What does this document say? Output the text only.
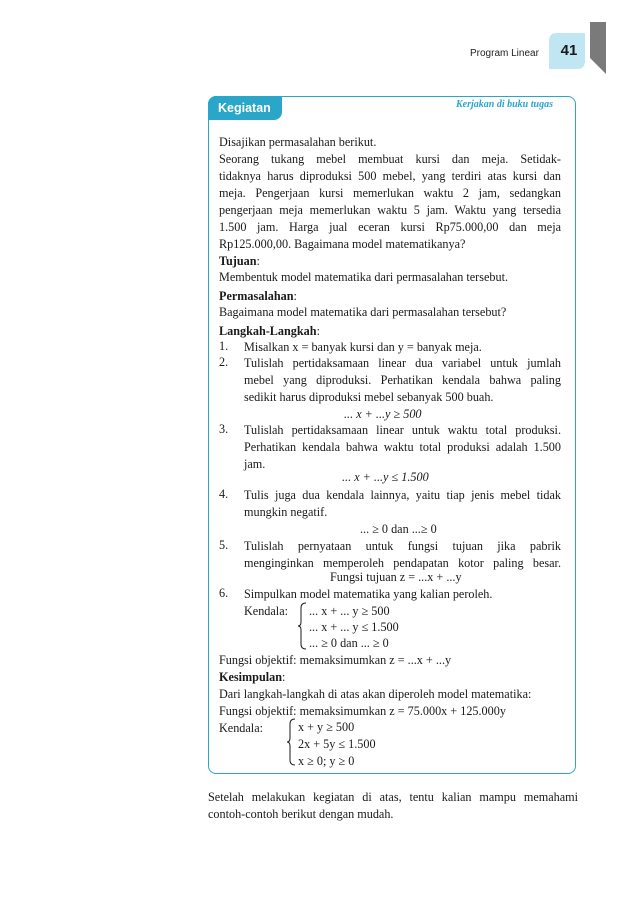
Program Linear	41
Kegiatan	Kerjakan di buku tugas
Disajikan permasalahan berikut.
Seorang tukang mebel membuat kursi dan meja. Setidak-
tidaknya harus diproduksi 500 mebel, yang terdiri atas kursi dan
meja. Pengerjaan kursi memerlukan waktu 2 jam, sedangkan
pengerjaan meja memerlukan waktu 5 jam. Waktu yang tersedia
1.500 jam. Harga jual eceran kursi Rp75.000,00 dan meja
Rp125.000,00. Bagaimana model matematikanya?
Tujuan:
Membentuk model matematika dari permasalahan tersebut.
Permasalahan:
Bagaimana model matematika dari permasalahan tersebut?
Langkah-Langkah:
1. Misalkan x = banyak kursi dan y = banyak meja.
2. Tulislah pertidaksamaan linear dua variabel untuk jumlah
mebel yang diproduksi. Perhatikan kendala bahwa paling
sedikit harus diproduksi mebel sebanyak 500 buah.
... x + ...y ≥ 500
3. Tulislah pertidaksamaan linear untuk waktu total produksi.
Perhatikan kendala bahwa waktu total produksi adalah 1.500
jam.
... x + ...y ≤ 1.500
4. Tulis juga dua kendala lainnya, yaitu tiap jenis mebel tidak
mungkin negatif.
... ≥ 0 dan ...≥ 0
5. Tulislah pernyataan untuk fungsi tujuan jika pabrik
menginginkan memperoleh pendapatan kotor paling besar.
Fungsi tujuan z = ...x + ...y
6. Simpulkan model matematika yang kalian peroleh.
Kendala: ... x + ... y ≥ 500
... x + ... y ≤ 1.500
... ≥ 0 dan ... ≥ 0
Fungsi objektif: memaksimumkan z = ...x + ...y
Kesimpulan:
Dari langkah-langkah di atas akan diperoleh model matematika:
Fungsi objektif: memaksimumkan z = 75.000x + 125.000y
Kendala:	x + y ≥ 500
2x + 5y ≤ 1.500
x ≥ 0; y ≥ 0
Setelah melakukan kegiatan di atas, tentu kalian mampu memahami
contoh-contoh berikut dengan mudah.
